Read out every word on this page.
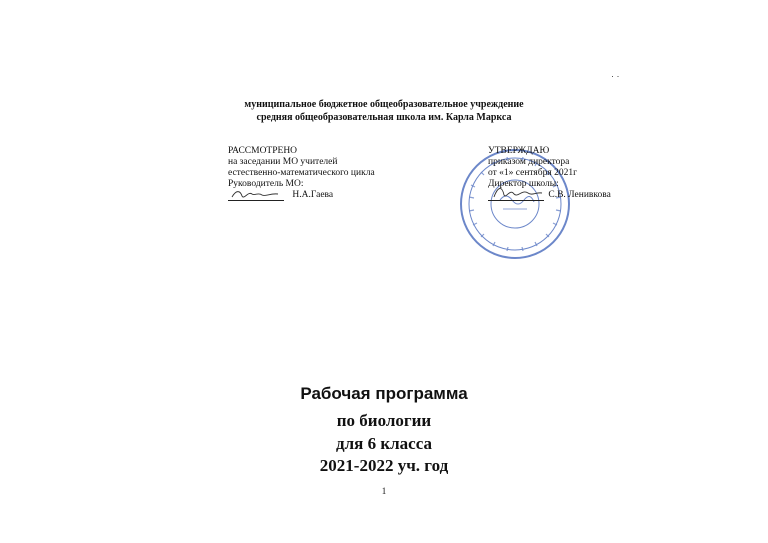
· ·
муниципальное бюджетное общеобразовательное учреждение
средняя общеобразовательная школа им. Карла Маркса
РАССМОТРЕНО
на заседании МО учителей
естественно-математического цикла
Руководитель МО:
Н.А.Гаева
УТВЕРЖДАЮ
приказом директора
от «1» сентября 2021г
Директор школы:
С.В. Ленивкова
Рабочая программа
по биологии
для 6 класса
2021-2022 уч. год
1
